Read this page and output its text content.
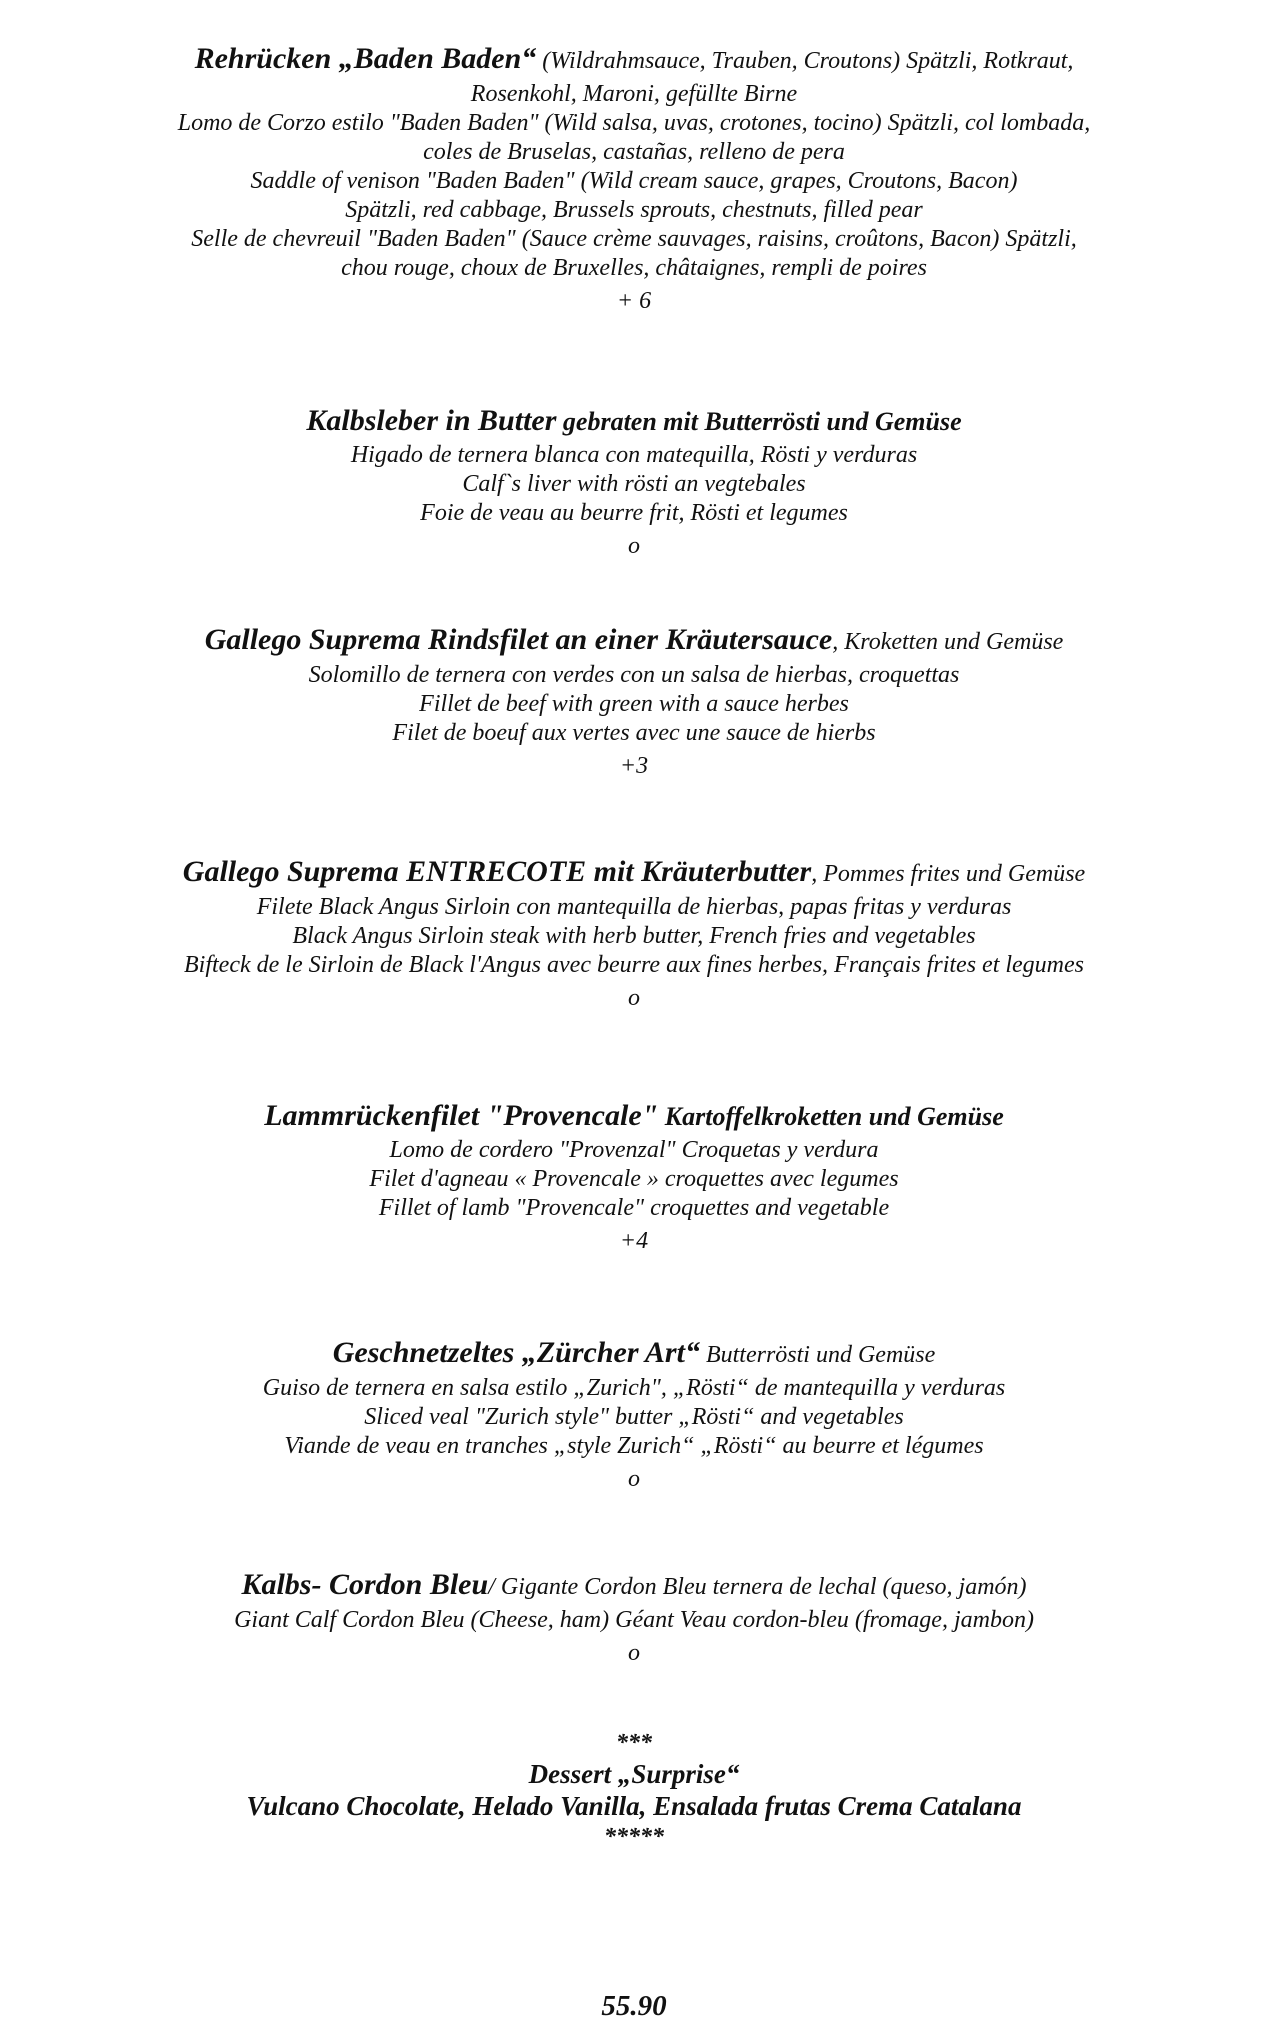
Rehrücken „Baden Baden“ (Wildrahmsauce, Trauben, Croutons) Spätzli, Rotkraut,
Rosenkohl, Maroni, gefüllte Birne
Lomo de Corzo estilo "Baden Baden" (Wild salsa, uvas, crotones, tocino) Spätzli, col lombada,
coles de Bruselas, castañas, relleno de pera
Saddle of venison "Baden Baden" (Wild cream sauce, grapes, Croutons, Bacon)
Spätzli, red cabbage, Brussels sprouts, chestnuts, filled pear
Selle de chevreuil "Baden Baden" (Sauce crème sauvages, raisins, croûtons, Bacon) Spätzli,
chou rouge, choux de Bruxelles, châtaignes, rempli de poires
+ 6
Kalbsleber in Butter gebraten mit Butterrösti und Gemüse
Higado de ternera blanca con matequilla, Rösti y verduras
Calf`s liver with rösti an vegtebales
Foie de veau au beurre frit, Rösti et legumes
o
Gallego Suprema Rindsfilet an einer Kräutersauce, Kroketten und Gemüse
Solomillo de ternera con verdes con un salsa de hierbas, croquettas
Fillet de beef with green with a sauce herbes
Filet de boeuf aux vertes avec une sauce de hierbs
+3
Gallego Suprema ENTRECOTE mit Kräuterbutter, Pommes frites und Gemüse
Filete Black Angus Sirloin con mantequilla de hierbas, papas fritas y verduras
Black Angus Sirloin steak with herb butter, French fries and vegetables
Bifteck de le Sirloin de Black l'Angus avec beurre aux fines herbes, Français frites et legumes
o
Lammrückenfilet "Provencale" Kartoffelkroketten und Gemüse
Lomo de cordero "Provenzal" Croquetas y verdura
Filet d'agneau « Provencale » croquettes avec legumes
Fillet of lamb "Provencale" croquettes and vegetable
+4
Geschnetzeltes „Zürcher Art“ Butterrösti und Gemüse
Guiso de ternera en salsa estilo „Zurich", „Rösti“ de mantequilla y verduras
Sliced veal "Zurich style" butter „Rösti“ and vegetables
Viande de veau en tranches „style Zurich“ „Rösti“ au beurre et légumes
o
Kalbs- Cordon Bleu/ Gigante Cordon Bleu ternera de lechal (queso, jamón)
Giant Calf Cordon Bleu (Cheese, ham) Géant Veau cordon-bleu (fromage, jambon)
o
***
Dessert „Surprise“
Vulcano Chocolate, Helado Vanilla, Ensalada frutas Crema Catalana
*****
55.90
